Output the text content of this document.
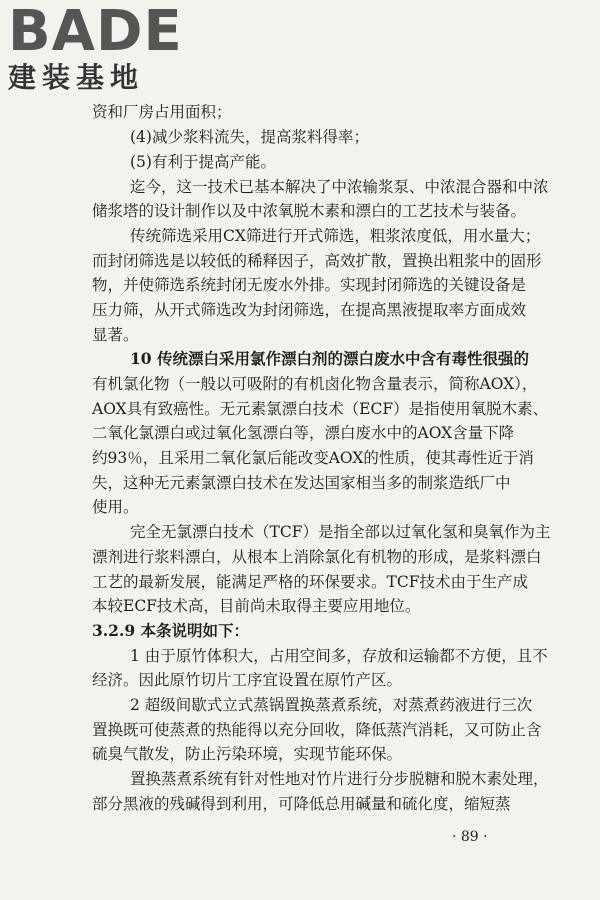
BADE
建装基地
资和厂房占用面积；
(4)减少浆料流失，提高浆料得率；
(5)有利于提高产能。
迄今，这一技术已基本解决了中浓输浆泵、中浓混合器和中浓
储浆塔的设计制作以及中浓氧脱木素和漂白的工艺技术与装备。
传统筛选采用CX筛进行开式筛选，粗浆浓度低，用水量大；
而封闭筛选是以较低的稀释因子，高效扩散，置换出粗浆中的固形
物，并使筛选系统封闭无废水外排。实现封闭筛选的关键设备是
压力筛，从开式筛选改为封闭筛选，在提高黑液提取率方面成效
显著。
10 传统漂白采用氯作漂白剂的漂白废水中含有毒性很强的
有机氯化物（一般以可吸附的有机卤化物含量表示，简称AOX），
AOX具有致癌性。无元素氯漂白技术（ECF）是指使用氧脱木素、
二氧化氯漂白或过氧化氢漂白等，漂白废水中的AOX含量下降
约93％，且采用二氧化氯后能改变AOX的性质，使其毒性近于消
失，这种无元素氯漂白技术在发达国家相当多的制浆造纸厂中
使用。
完全无氯漂白技术（TCF）是指全部以过氧化氢和臭氧作为主
漂剂进行浆料漂白，从根本上消除氯化有机物的形成，是浆料漂白
工艺的最新发展，能满足严格的环保要求。TCF技术由于生产成
本较ECF技术高，目前尚未取得主要应用地位。
3.2.9 本条说明如下：
1 由于原竹体积大，占用空间多，存放和运输都不方便，且不
经济。因此原竹切片工序宜设置在原竹产区。
2 超级间歇式立式蒸锅置换蒸煮系统，对蒸煮药液进行三次
置换既可使蒸煮的热能得以充分回收，降低蒸汽消耗，又可防止含
硫臭气散发，防止污染环境，实现节能环保。
置换蒸煮系统有针对性地对竹片进行分步脱糖和脱木素处理，
部分黑液的残碱得到利用，可降低总用碱量和硫化度，缩短蒸
· 89 ·
